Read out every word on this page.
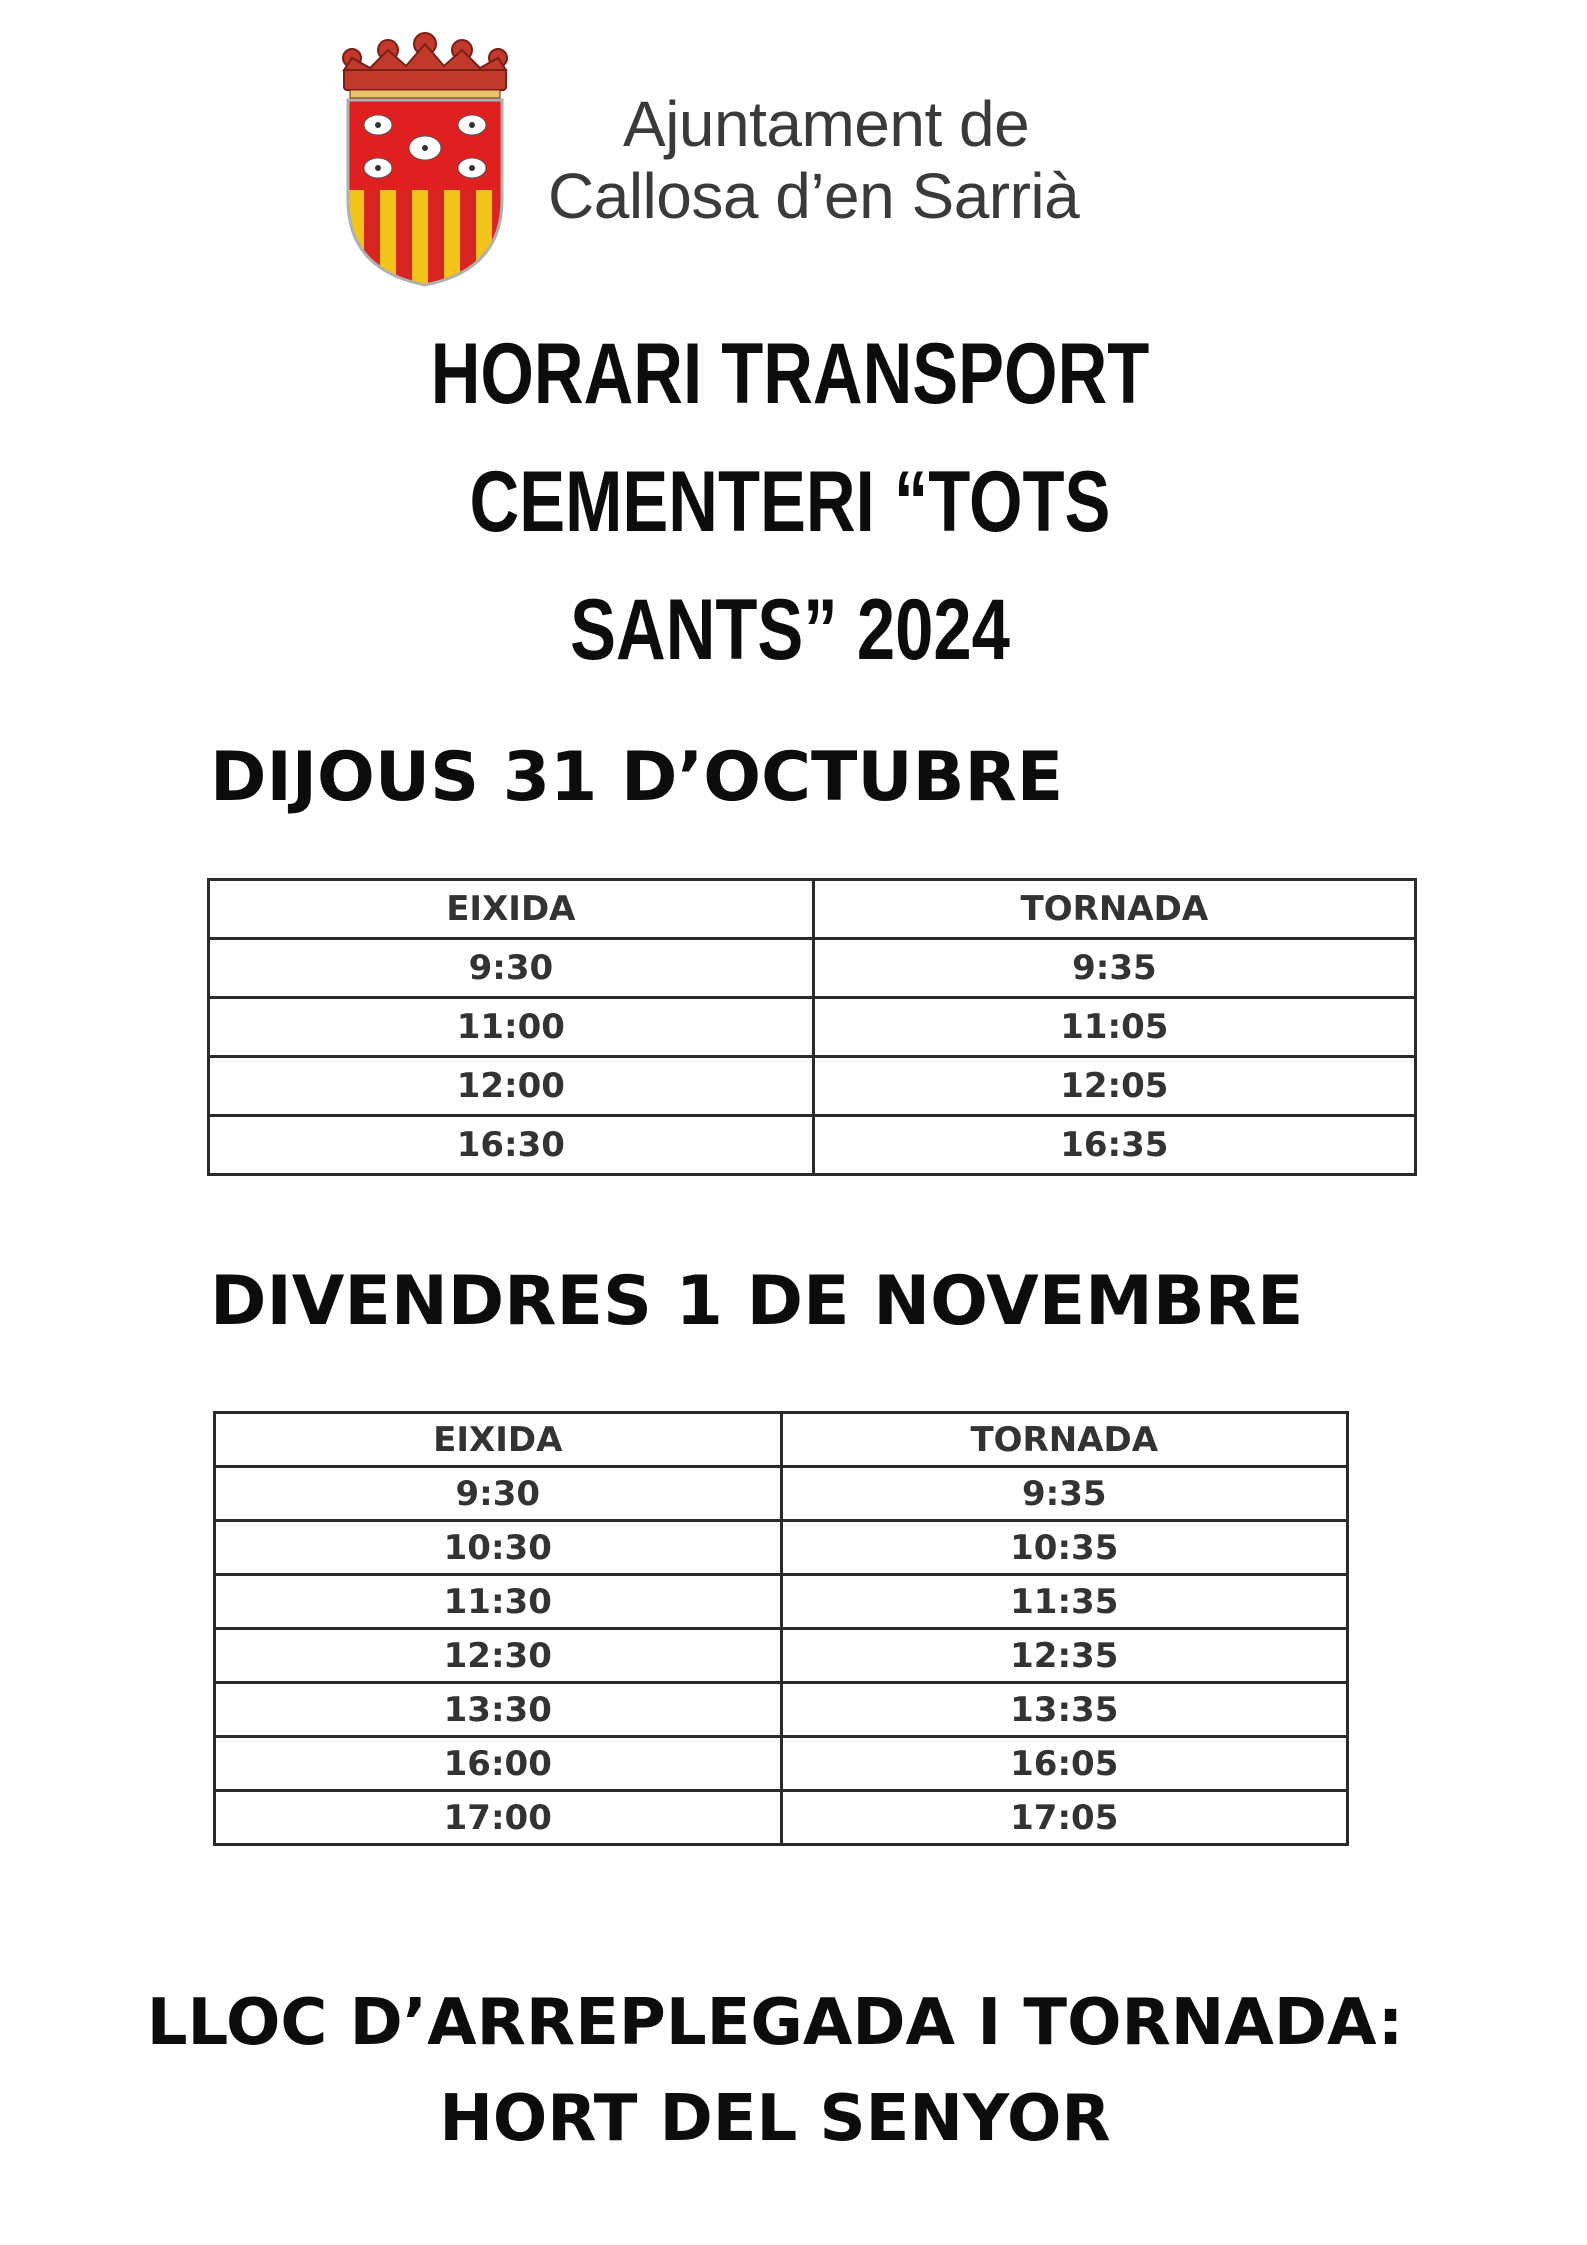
Ajuntament de
Callosa d’en Sarrià
HORARI TRANSPORT CEMENTERI “TOTS
SANTS” 2024
DIJOUS 31 D’OCTUBRE
EIXIDA	TORNADA
9:30	9:35
11:00	11:05
12:00	12:05
16:30	16:35
DIVENDRES 1 DE NOVEMBRE
EIXIDA	TORNADA
9:30	9:35
10:30	10:35
11:30	11:35
12:30	12:35
13:30	13:35
16:00	16:05
17:00	17:05
LLOC D’ARREPLEGADA I TORNADA:
HORT DEL SENYOR
